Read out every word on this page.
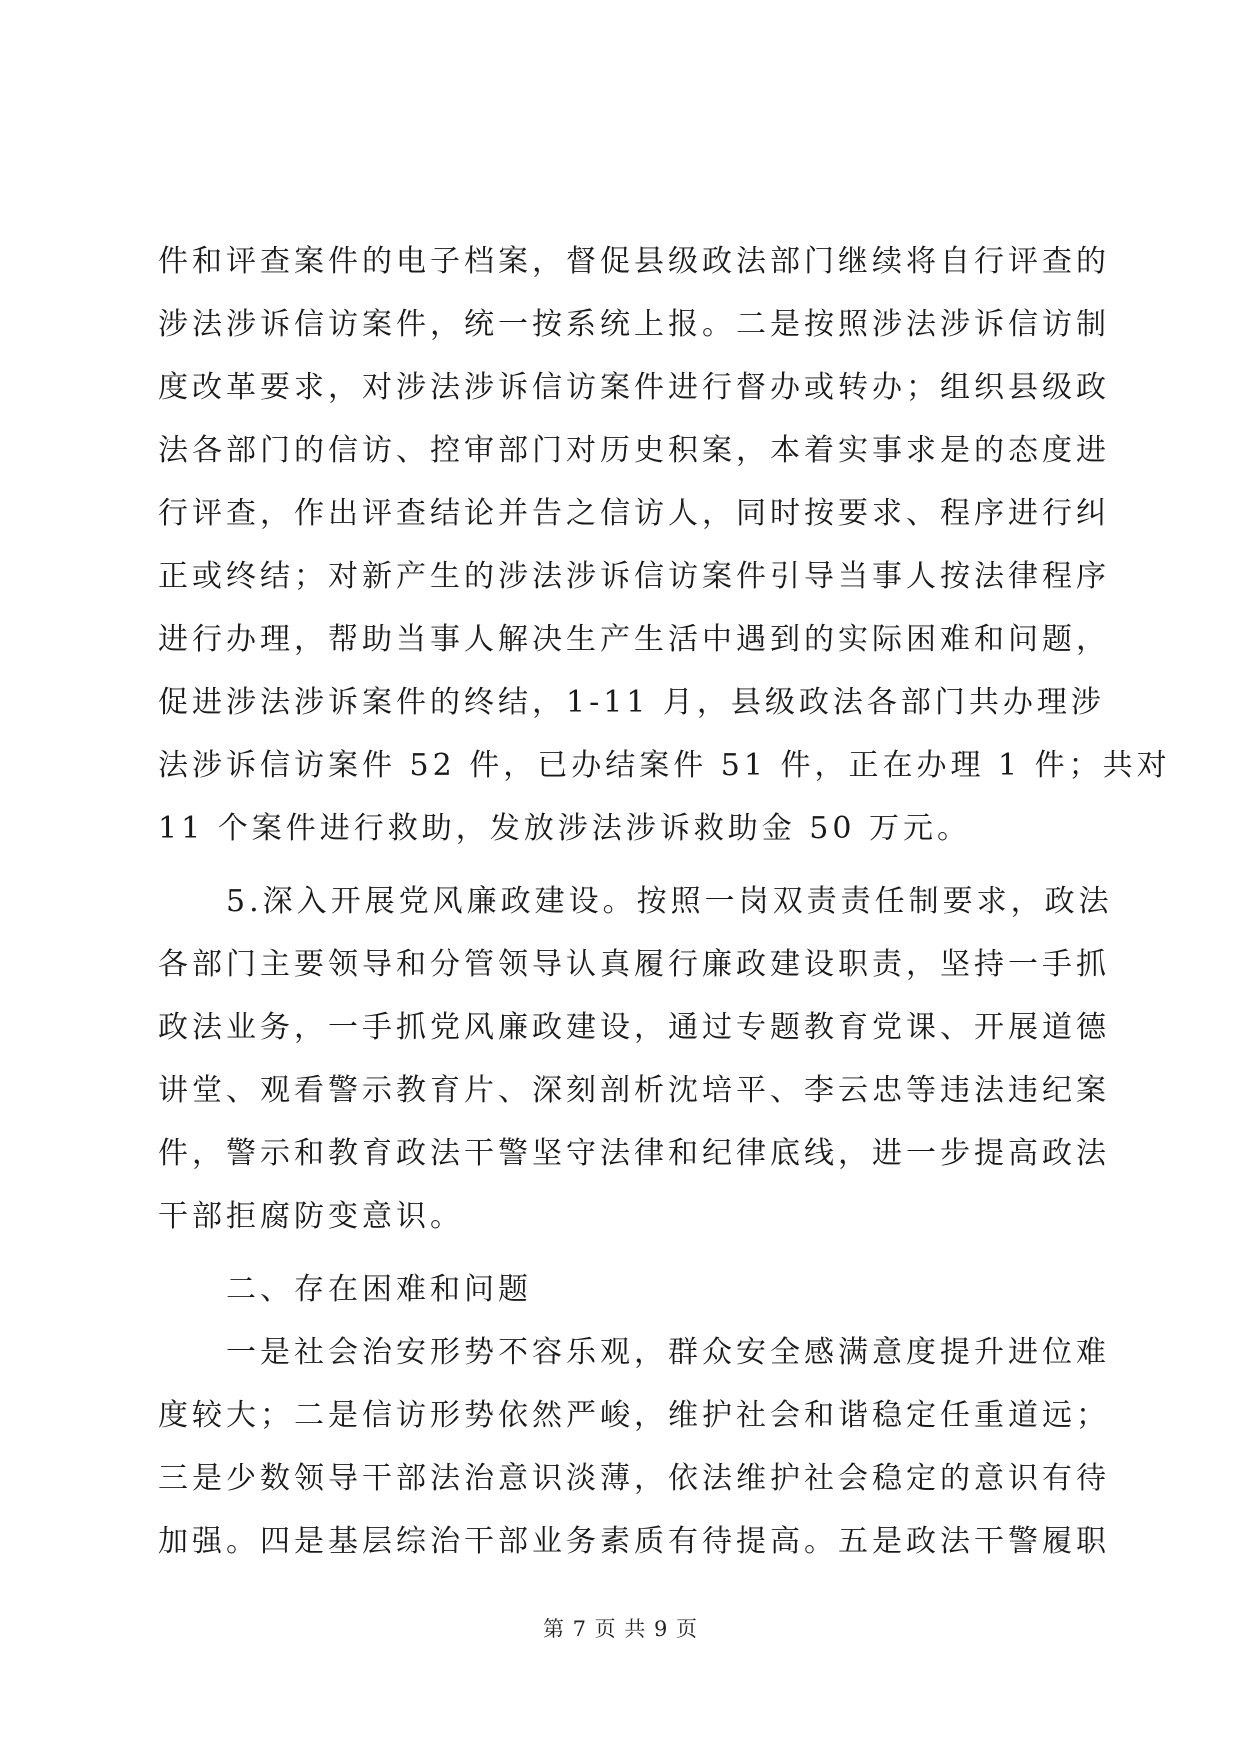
件和评查案件的电子档案，督促县级政法部门继续将自行评查的
涉法涉诉信访案件，统一按系统上报。二是按照涉法涉诉信访制
度改革要求，对涉法涉诉信访案件进行督办或转办；组织县级政
法各部门的信访、控审部门对历史积案，本着实事求是的态度进
行评查，作出评查结论并告之信访人，同时按要求、程序进行纠
正或终结；对新产生的涉法涉诉信访案件引导当事人按法律程序
进行办理，帮助当事人解决生产生活中遇到的实际困难和问题，
促进涉法涉诉案件的终结，1-11 月，县级政法各部门共办理涉
法涉诉信访案件 52 件，已办结案件 51 件，正在办理 1 件；共对
11 个案件进行救助，发放涉法涉诉救助金 50 万元。
5.深入开展党风廉政建设。按照一岗双责责任制要求，政法
各部门主要领导和分管领导认真履行廉政建设职责，坚持一手抓
政法业务，一手抓党风廉政建设，通过专题教育党课、开展道德
讲堂、观看警示教育片、深刻剖析沈培平、李云忠等违法违纪案
件，警示和教育政法干警坚守法律和纪律底线，进一步提高政法
干部拒腐防变意识。
二、存在困难和问题
一是社会治安形势不容乐观，群众安全感满意度提升进位难
度较大；二是信访形势依然严峻，维护社会和谐稳定任重道远；
三是少数领导干部法治意识淡薄，依法维护社会稳定的意识有待
加强。四是基层综治干部业务素质有待提高。五是政法干警履职
第 7 页 共 9 页
